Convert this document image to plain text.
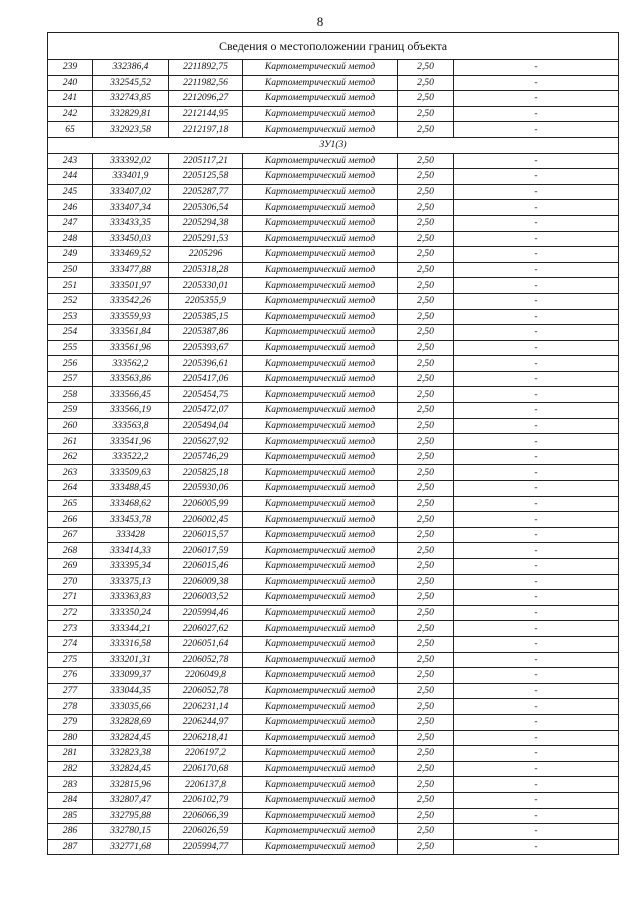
8
Сведения о местоположении границ объекта					
239	332386,4	2211892,75	Картометрический метод	2,50	-
240	332545,52	2211982,56	Картометрический метод	2,50	-
241	332743,85	2212096,27	Картометрический метод	2,50	-
242	332829,81	2212144,95	Картометрический метод	2,50	-
65	332923,58	2212197,18	Картометрический метод	2,50	-
ЗУ1(3)					
243	333392,02	2205117,21	Картометрический метод	2,50	-
244	333401,9	2205125,58	Картометрический метод	2,50	-
245	333407,02	2205287,77	Картометрический метод	2,50	-
246	333407,34	2205306,54	Картометрический метод	2,50	-
247	333433,35	2205294,38	Картометрический метод	2,50	-
248	333450,03	2205291,53	Картометрический метод	2,50	-
249	333469,52	2205296	Картометрический метод	2,50	-
250	333477,88	2205318,28	Картометрический метод	2,50	-
251	333501,97	2205330,01	Картометрический метод	2,50	-
252	333542,26	2205355,9	Картометрический метод	2,50	-
253	333559,93	2205385,15	Картометрический метод	2,50	-
254	333561,84	2205387,86	Картометрический метод	2,50	-
255	333561,96	2205393,67	Картометрический метод	2,50	-
256	333562,2	2205396,61	Картометрический метод	2,50	-
257	333563,86	2205417,06	Картометрический метод	2,50	-
258	333566,45	2205454,75	Картометрический метод	2,50	-
259	333566,19	2205472,07	Картометрический метод	2,50	-
260	333563,8	2205494,04	Картометрический метод	2,50	-
261	333541,96	2205627,92	Картометрический метод	2,50	-
262	333522,2	2205746,29	Картометрический метод	2,50	-
263	333509,63	2205825,18	Картометрический метод	2,50	-
264	333488,45	2205930,06	Картометрический метод	2,50	-
265	333468,62	2206005,99	Картометрический метод	2,50	-
266	333453,78	2206002,45	Картометрический метод	2,50	-
267	333428	2206015,57	Картометрический метод	2,50	-
268	333414,33	2206017,59	Картометрический метод	2,50	-
269	333395,34	2206015,46	Картометрический метод	2,50	-
270	333375,13	2206009,38	Картометрический метод	2,50	-
271	333363,83	2206003,52	Картометрический метод	2,50	-
272	333350,24	2205994,46	Картометрический метод	2,50	-
273	333344,21	2206027,62	Картометрический метод	2,50	-
274	333316,58	2206051,64	Картометрический метод	2,50	-
275	333201,31	2206052,78	Картометрический метод	2,50	-
276	333099,37	2206049,8	Картометрический метод	2,50	-
277	333044,35	2206052,78	Картометрический метод	2,50	-
278	333035,66	2206231,14	Картометрический метод	2,50	-
279	332828,69	2206244,97	Картометрический метод	2,50	-
280	332824,45	2206218,41	Картометрический метод	2,50	-
281	332823,38	2206197,2	Картометрический метод	2,50	-
282	332824,45	2206170,68	Картометрический метод	2,50	-
283	332815,96	2206137,8	Картометрический метод	2,50	-
284	332807,47	2206102,79	Картометрический метод	2,50	-
285	332795,88	2206066,39	Картометрический метод	2,50	-
286	332780,15	2206026,59	Картометрический метод	2,50	-
287	332771,68	2205994,77	Картометрический метод	2,50	-
